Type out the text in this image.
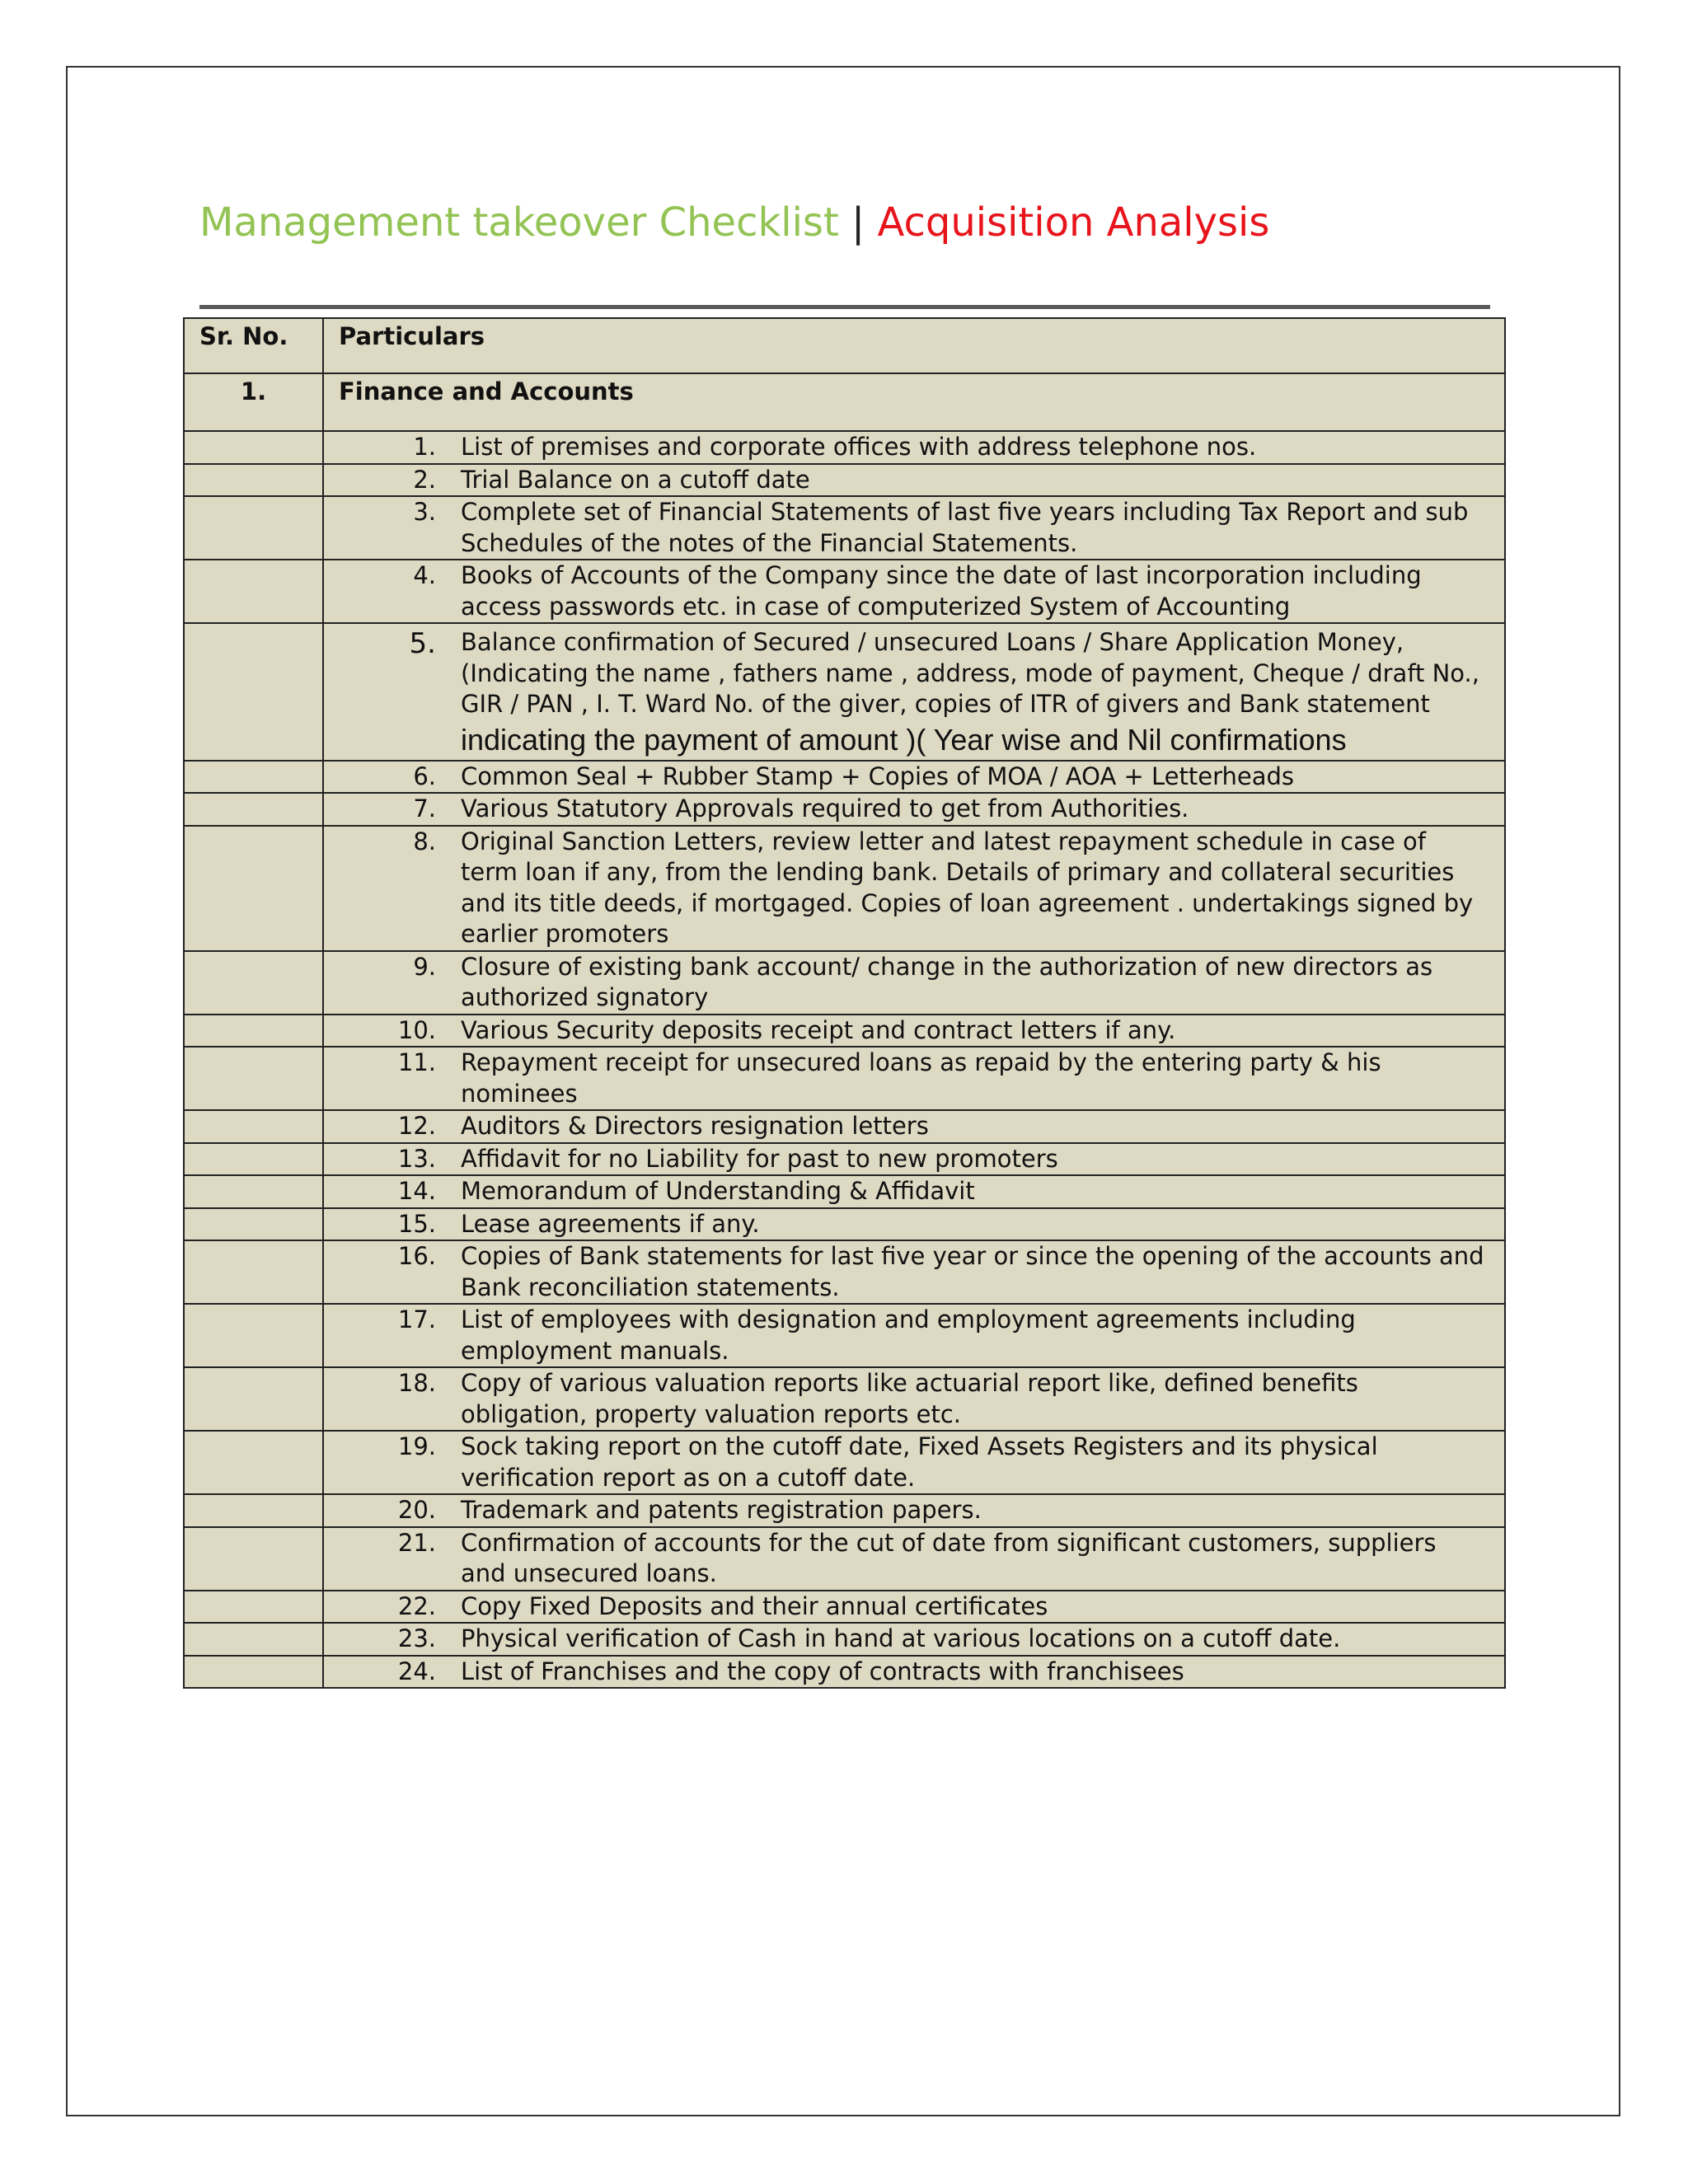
Management takeover Checklist | Acquisition Analysis
Sr. No.	Particulars
1.	Finance and Accounts

	1. List of premises and corporate offices with address telephone nos.

	2. Trial Balance on a cutoff date

	3. Complete set of Financial Statements of last five years including Tax Report and sub Schedules of the notes of the Financial Statements.

	4. Books of Accounts of the Company since the date of last incorporation including access passwords etc. in case of computerized System of Accounting

	5. Balance confirmation of Secured / unsecured Loans / Share Application Money, (Indicating the name , fathers name , address, mode of payment, Cheque / draft No., GIR / PAN , I. T. Ward No. of the giver, copies of ITR of givers and Bank statement indicating the payment of amount )( Year wise and Nil confirmations

	6. Common Seal + Rubber Stamp + Copies of MOA / AOA + Letterheads

	7. Various Statutory Approvals required to get from Authorities.

	8. Original Sanction Letters, review letter and latest repayment schedule in case of term loan if any, from the lending bank. Details of primary and collateral securities and its title deeds, if mortgaged. Copies of loan agreement . undertakings signed by earlier promoters

	9. Closure of existing bank account/ change in the authorization of new directors as authorized signatory

	10. Various Security deposits receipt and contract letters if any.

	11. Repayment receipt for unsecured loans as repaid by the entering party & his nominees

	12. Auditors & Directors resignation letters

	13. Affidavit for no Liability for past to new promoters

	14. Memorandum of Understanding & Affidavit

	15. Lease agreements if any.

	16. Copies of Bank statements for last five year or since the opening of the accounts and Bank reconciliation statements.

	17. List of employees with designation and employment agreements including employment manuals.

	18. Copy of various valuation reports like actuarial report like, defined benefits obligation, property valuation reports etc.

	19. Sock taking report on the cutoff date, Fixed Assets Registers and its physical verification report as on a cutoff date.

	20. Trademark and patents registration papers.

	21. Confirmation of accounts for the cut of date from significant customers, suppliers and unsecured loans.

	22. Copy Fixed Deposits and their annual certificates

	23. Physical verification of Cash in hand at various locations on a cutoff date.

	24. List of Franchises and the copy of contracts with franchisees
